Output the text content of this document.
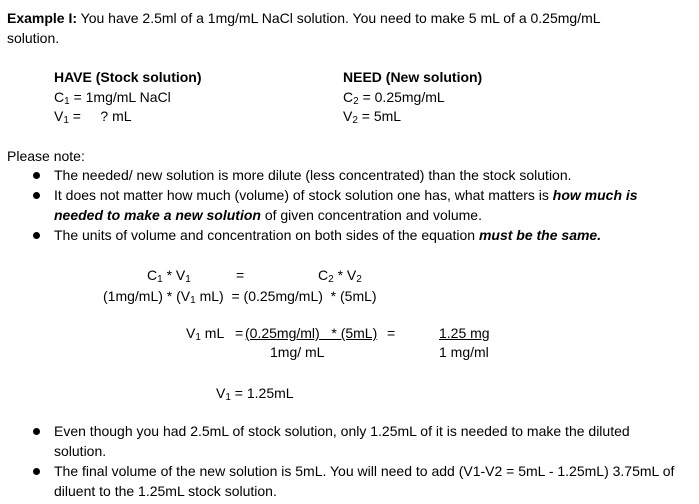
Example I: You have 2.5ml of a 1mg/mL NaCl solution. You need to make 5 mL of a 0.25mg/mL
solution.
HAVE (Stock solution)
$C_1 = 1mg/mL$ NaCl
$V_1$ =     ? mL
NEED (New solution)
$C_2 = 0.25mg/mL$
$V_2 = 5mL$
Please note:
The needed/ new solution is more dilute (less concentrated) than the stock solution.
It does not matter how much (volume) of stock solution one has, what matters is how much is needed to make a new solution of given concentration and volume.
The units of volume and concentration on both sides of the equation must be the same.
$C_1 * V_1$	=	$C_2 * V_2$
$(1mg/mL) * (V_1$ mL)  = (0.25mg/mL)  * (5mL)
$V_1$ mL = (0.25mg/ml)   * (5mL) =
1mg/ mL
1.25 mg
1 mg/ml
$V_1 = 1.25mL$
Even though you had 2.5mL of stock solution, only 1.25mL of it is needed to make the diluted solution.
The final volume of the new solution is 5mL. You will need to add (V1-V2 = 5mL - 1.25mL) 3.75mL of diluent to the 1.25mL stock solution.
